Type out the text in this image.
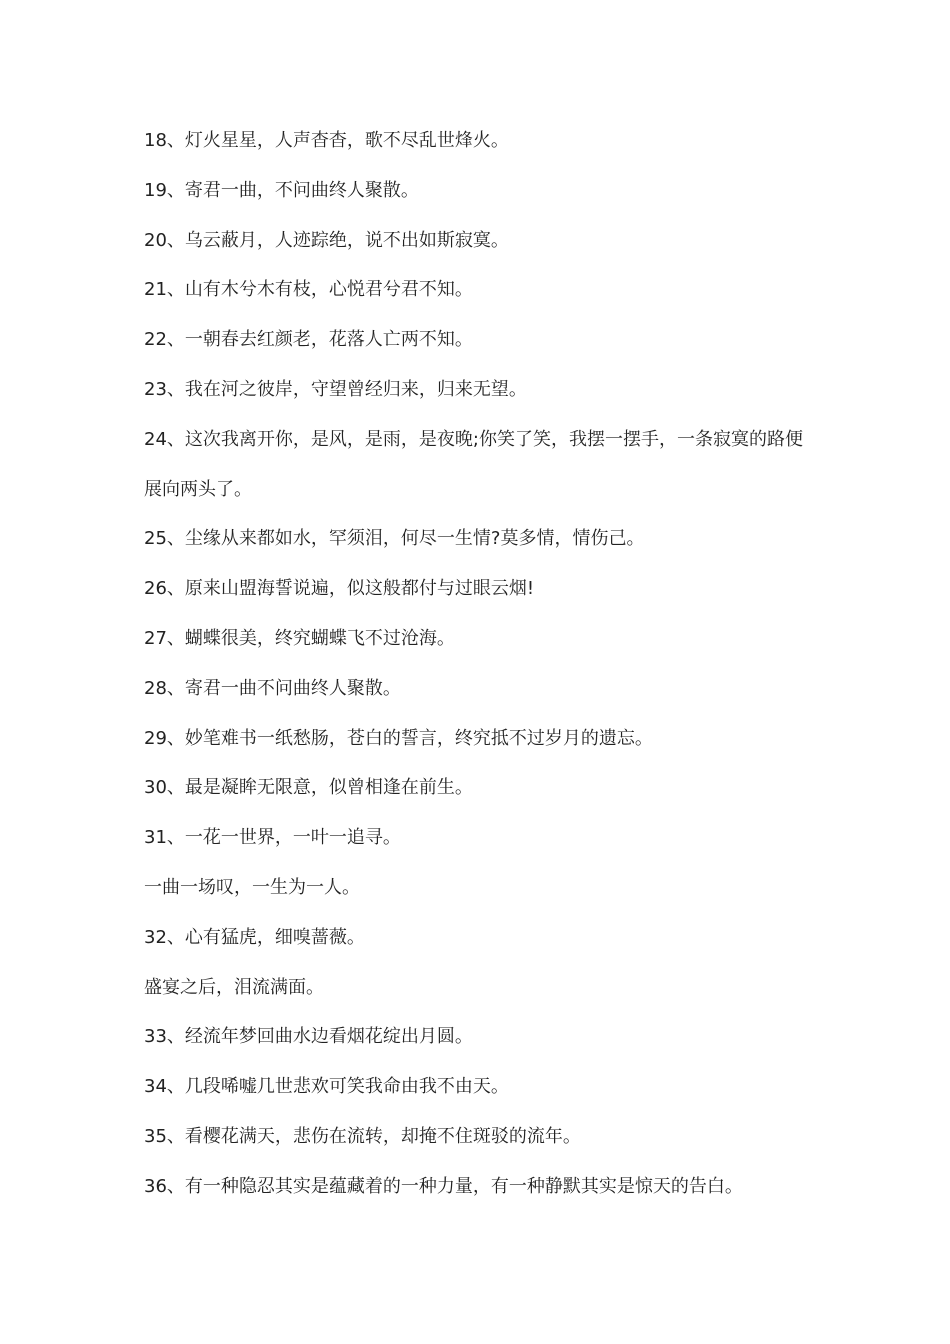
18、灯火星星，人声杳杳，歌不尽乱世烽火。

19、寄君一曲，不问曲终人聚散。

20、乌云蔽月，人迹踪绝，说不出如斯寂寞。

21、山有木兮木有枝，心悦君兮君不知。

22、一朝春去红颜老，花落人亡两不知。

23、我在河之彼岸，守望曾经归来，归来无望。

24、这次我离开你，是风，是雨，是夜晚;你笑了笑，我摆一摆手，一条寂寞的路便

展向两头了。

25、尘缘从来都如水，罕须泪，何尽一生情?莫多情，情伤己。

26、原来山盟海誓说遍，似这般都付与过眼云烟!

27、蝴蝶很美，终究蝴蝶飞不过沧海。

28、寄君一曲不问曲终人聚散。

29、妙笔难书一纸愁肠，苍白的誓言，终究抵不过岁月的遗忘。

30、最是凝眸无限意，似曾相逢在前生。

31、一花一世界，一叶一追寻。

一曲一场叹，一生为一人。

32、心有猛虎，细嗅蔷薇。

盛宴之后，泪流满面。

33、经流年梦回曲水边看烟花绽出月圆。

34、几段唏嘘几世悲欢可笑我命由我不由天。

35、看樱花满天，悲伤在流转，却掩不住斑驳的流年。

36、有一种隐忍其实是蕴藏着的一种力量，有一种静默其实是惊天的告白。
